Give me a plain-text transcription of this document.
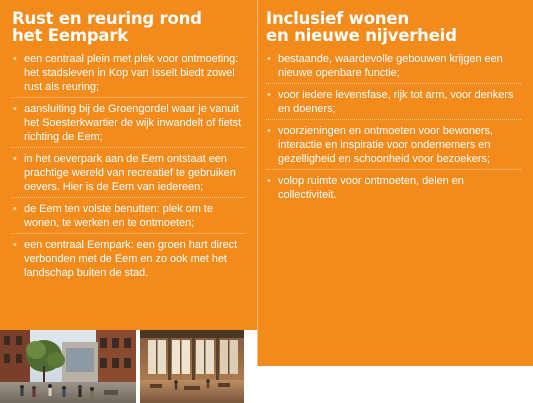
Rust en reuring rond
het Eempark
• een centraal plein met plek voor ontmoeting: het stadsleven in Kop van Isselt biedt zowel rust als reuring;
• aansluiting bij de Groengordel waar je vanuit het Soesterkwartier de wijk inwandelt of fietst richting de Eem;
• in het oeverpark aan de Eem ontstaat een prachtige wereld van recreatief te gebruiken oevers. Hier is de Eem van iedereen;
• de Eem ten volste benutten: plek om te wonen, te werken en te ontmoeten;
• een centraal Eempark: een groen hart direct verbonden met de Eem en zo ook met het landschap buiten de stad.
Inclusief wonen
en nieuwe nijverheid
• bestaande, waardevolle gebouwen krijgen een nieuwe openbare functie;
• voor iedere levensfase, rijk tot arm, voor denkers en doeners;
• voorzieningen en ontmoeten voor bewoners, interactie en inspiratie voor ondernemers en gezelligheid en schoonheid voor bezoekers;
• volop ruimte voor ontmoeten, delen en collectiviteit.
